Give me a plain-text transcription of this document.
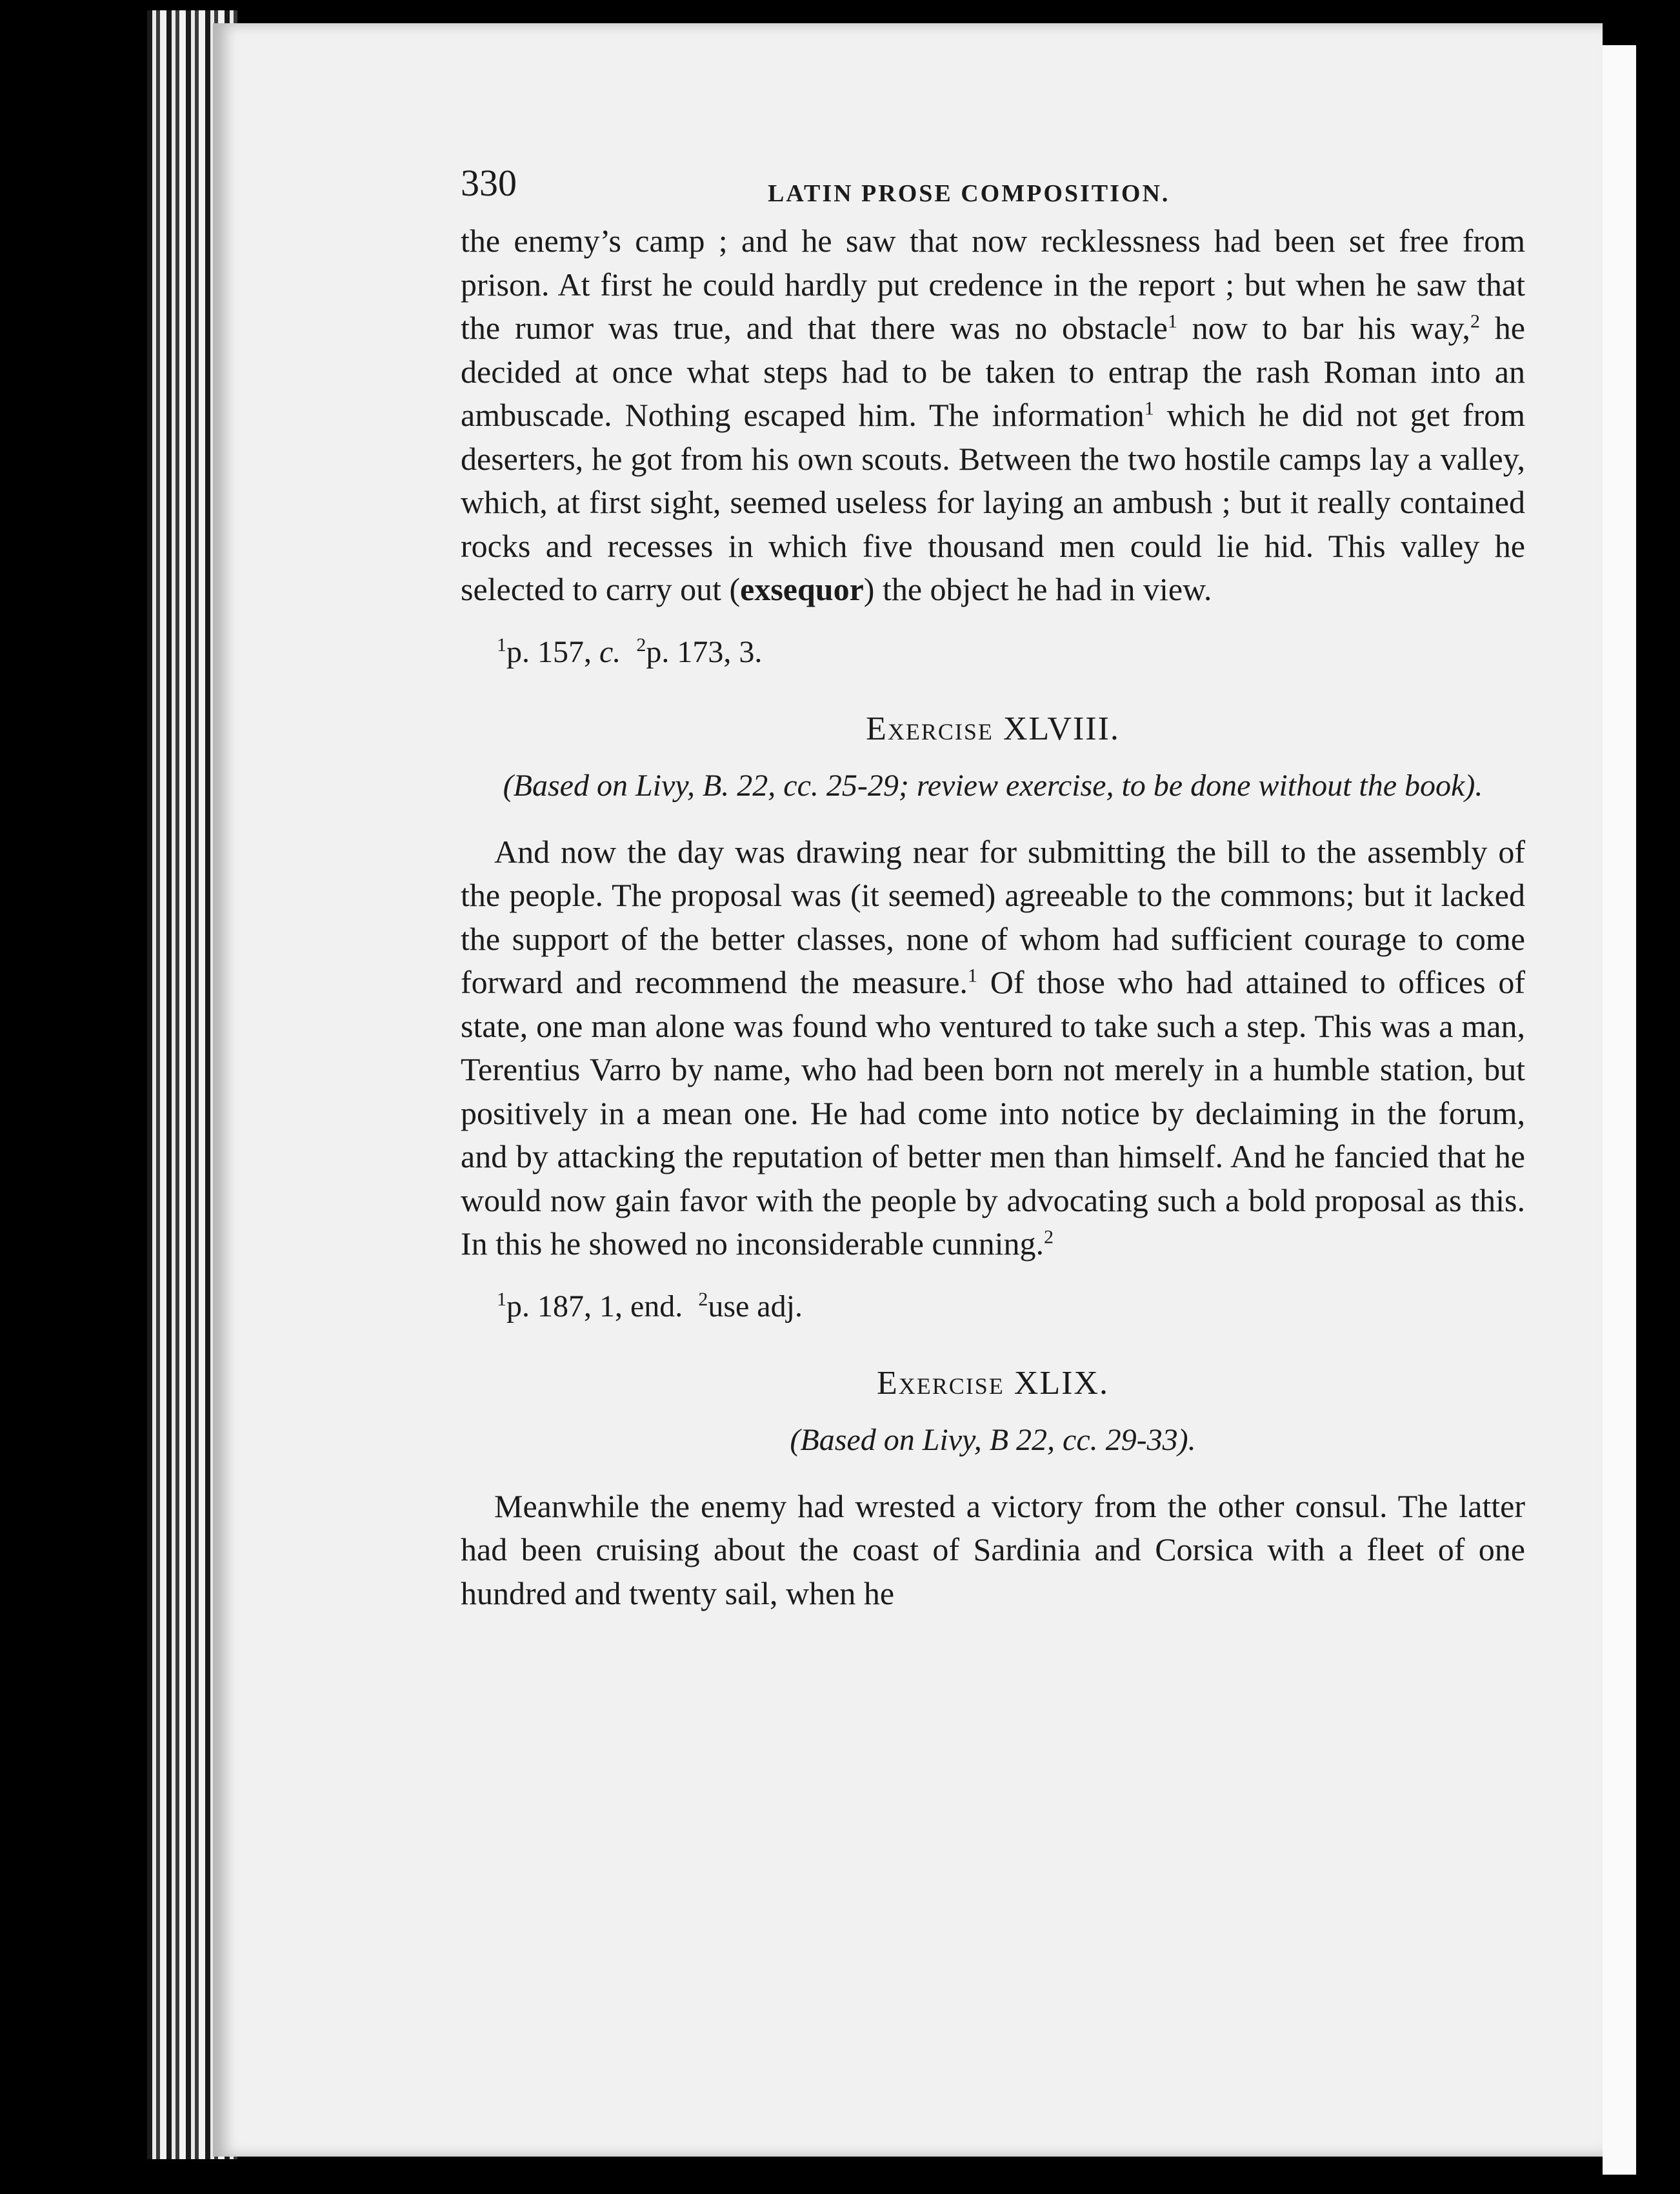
330	LATIN PROSE COMPOSITION.

the enemy’s camp ; and he saw that now recklessness had been set free from prison. At first he could hardly put credence in the report ; but when he saw that the rumor was true, and that there was no obstacle$^1$ now to bar his way,$^2$ he decided at once what steps had to be taken to entrap the rash Roman into an ambuscade. Nothing escaped him. The information$^1$ which he did not get from deserters, he got from his own scouts. Between the two hostile camps lay a valley, which, at first sight, seemed useless for laying an ambush ; but it really contained rocks and recesses in which five thousand men could lie hid. This valley he selected to carry out (exsequor) the object he had in view.

$^1$p. 157, c. $^2$p. 173, 3.
Exercise XLVIII.

(Based on Livy, B. 22, cc. 25-29; review exercise, to be done without the book).

And now the day was drawing near for submitting the bill to the assembly of the people. The proposal was (it seemed) agreeable to the commons; but it lacked the support of the better classes, none of whom had sufficient courage to come forward and recommend the measure.$^1$ Of those who had attained to offices of state, one man alone was found who ventured to take such a step. This was a man, Terentius Varro by name, who had been born not merely in a humble station, but positively in a mean one. He had come into notice by declaiming in the forum, and by attacking the reputation of better men than himself. And he fancied that he would now gain favor with the people by advocating such a bold proposal as this. In this he showed no inconsiderable cunning.$^2$

$^1$p. 187, 1, end. $^2$use adj.
Exercise XLIX.

(Based on Livy, B 22, cc. 29-33).

Meanwhile the enemy had wrested a victory from the other consul. The latter had been cruising about the coast of Sardinia and Corsica with a fleet of one hundred and twenty sail, when he
